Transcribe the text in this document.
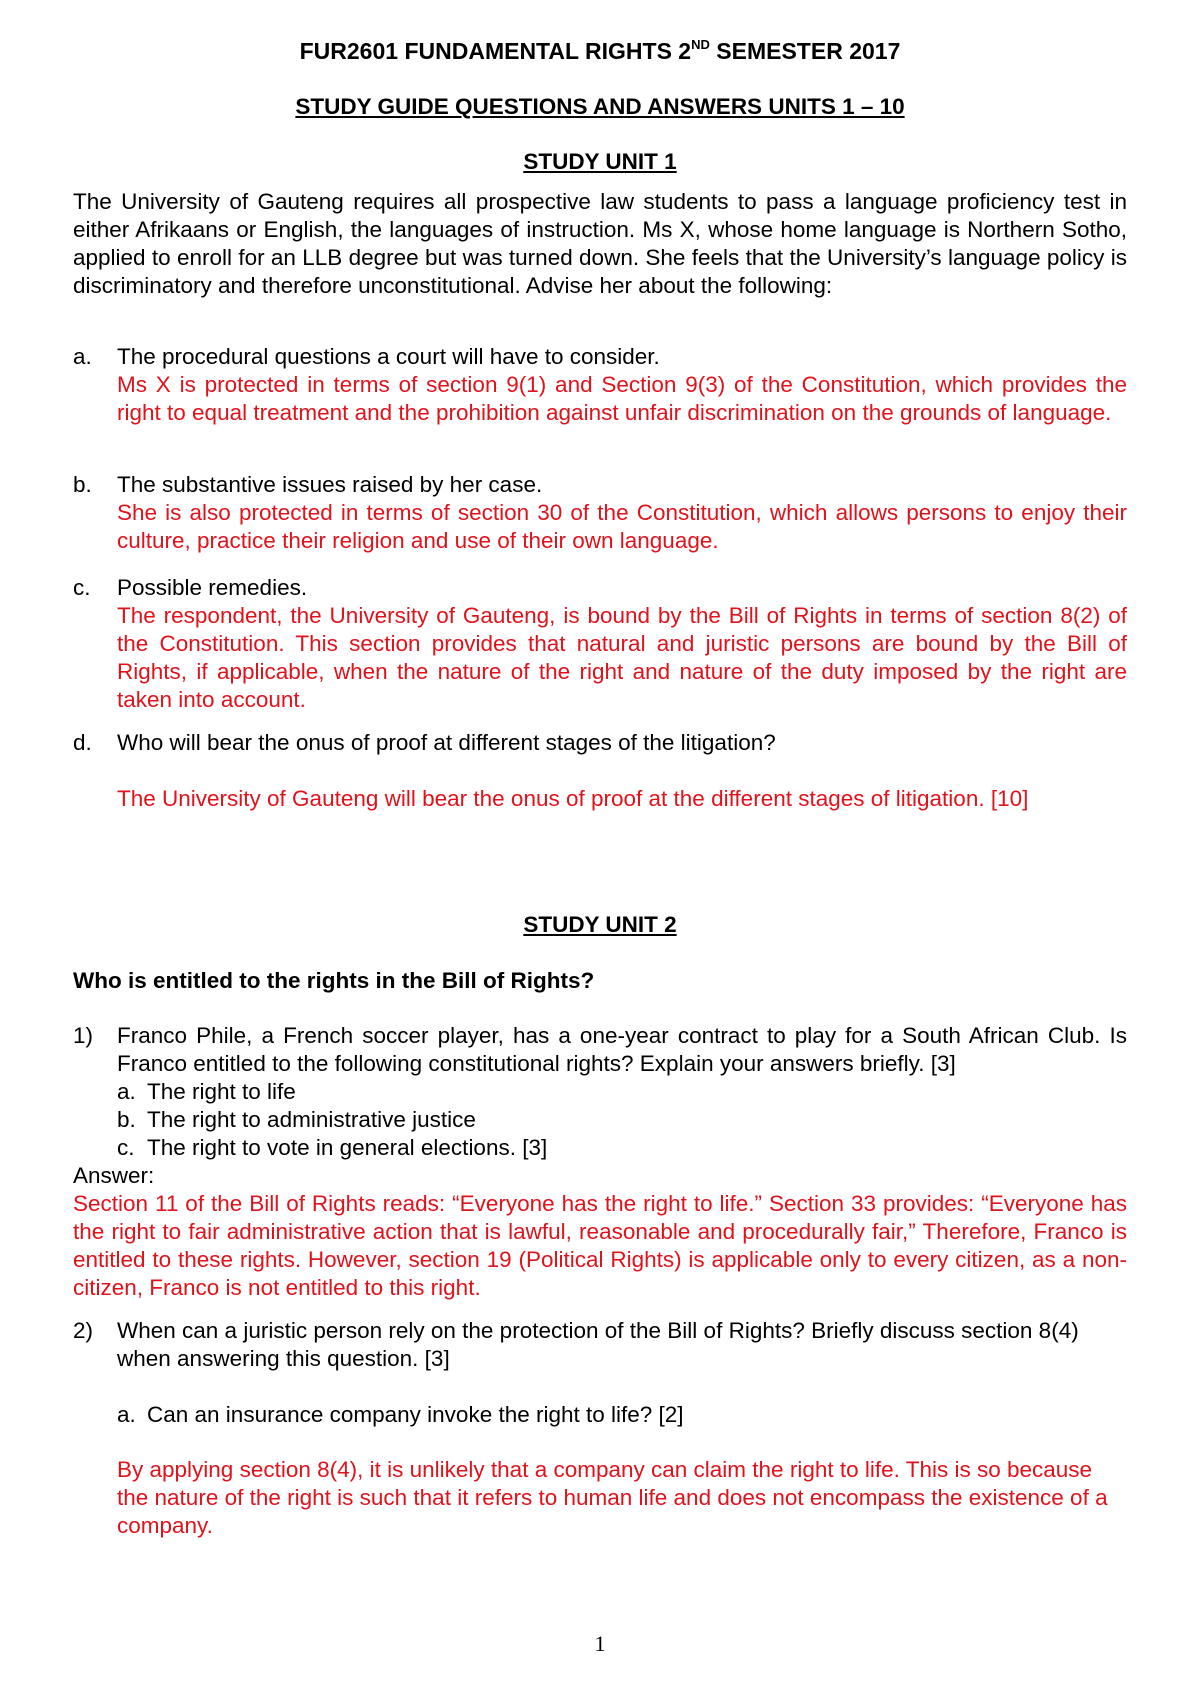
FUR2601 FUNDAMENTAL RIGHTS 2ND SEMESTER 2017
STUDY GUIDE QUESTIONS AND ANSWERS UNITS 1 – 10
STUDY UNIT 1
The University of Gauteng requires all prospective law students to pass a language proficiency test in either Afrikaans or English, the languages of instruction. Ms X, whose home language is Northern Sotho, applied to enroll for an LLB degree but was turned down. She feels that the University’s language policy is discriminatory and therefore unconstitutional. Advise her about the following:
a. The procedural questions a court will have to consider.
Ms X is protected in terms of section 9(1) and Section 9(3) of the Constitution, which provides the right to equal treatment and the prohibition against unfair discrimination on the grounds of language.
b. The substantive issues raised by her case.
She is also protected in terms of section 30 of the Constitution, which allows persons to enjoy their culture, practice their religion and use of their own language.
c. Possible remedies.
The respondent, the University of Gauteng, is bound by the Bill of Rights in terms of section 8(2) of the Constitution. This section provides that natural and juristic persons are bound by the Bill of Rights, if applicable, when the nature of the right and nature of the duty imposed by the right are taken into account.
d. Who will bear the onus of proof at different stages of the litigation?
The University of Gauteng will bear the onus of proof at the different stages of litigation. [10]
STUDY UNIT 2
Who is entitled to the rights in the Bill of Rights?
1) Franco Phile, a French soccer player, has a one-year contract to play for a South African Club. Is Franco entitled to the following constitutional rights? Explain your answers briefly. [3]
a. The right to life
b. The right to administrative justice
c. The right to vote in general elections. [3]
Answer:
Section 11 of the Bill of Rights reads: “Everyone has the right to life.” Section 33 provides: “Everyone has the right to fair administrative action that is lawful, reasonable and procedurally fair,” Therefore, Franco is entitled to these rights. However, section 19 (Political Rights) is applicable only to every citizen, as a non-citizen, Franco is not entitled to this right.
2) When can a juristic person rely on the protection of the Bill of Rights? Briefly discuss section 8(4) when answering this question. [3]
a. Can an insurance company invoke the right to life? [2]
By applying section 8(4), it is unlikely that a company can claim the right to life. This is so because the nature of the right is such that it refers to human life and does not encompass the existence of a company.
1
